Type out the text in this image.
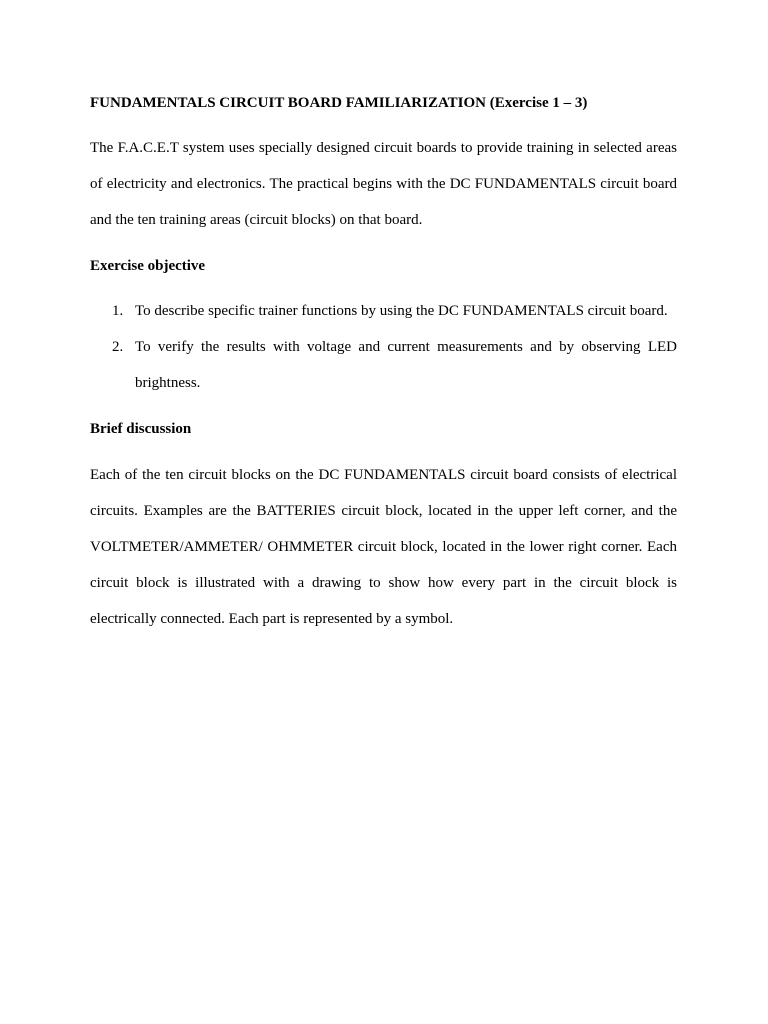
FUNDAMENTALS CIRCUIT BOARD FAMILIARIZATION (Exercise 1 – 3)

The F.A.C.E.T system uses specially designed circuit boards to provide training in selected areas of electricity and electronics. The practical begins with the DC FUNDAMENTALS circuit board and the ten training areas (circuit blocks) on that board.

Exercise objective
1. To describe specific trainer functions by using the DC FUNDAMENTALS circuit board.
2. To verify the results with voltage and current measurements and by observing LED brightness.
Brief discussion

Each of the ten circuit blocks on the DC FUNDAMENTALS circuit board consists of electrical circuits. Examples are the BATTERIES circuit block, located in the upper left corner, and the VOLTMETER/AMMETER/ OHMMETER circuit block, located in the lower right corner. Each circuit block is illustrated with a drawing to show how every part in the circuit block is electrically connected. Each part is represented by a symbol.
